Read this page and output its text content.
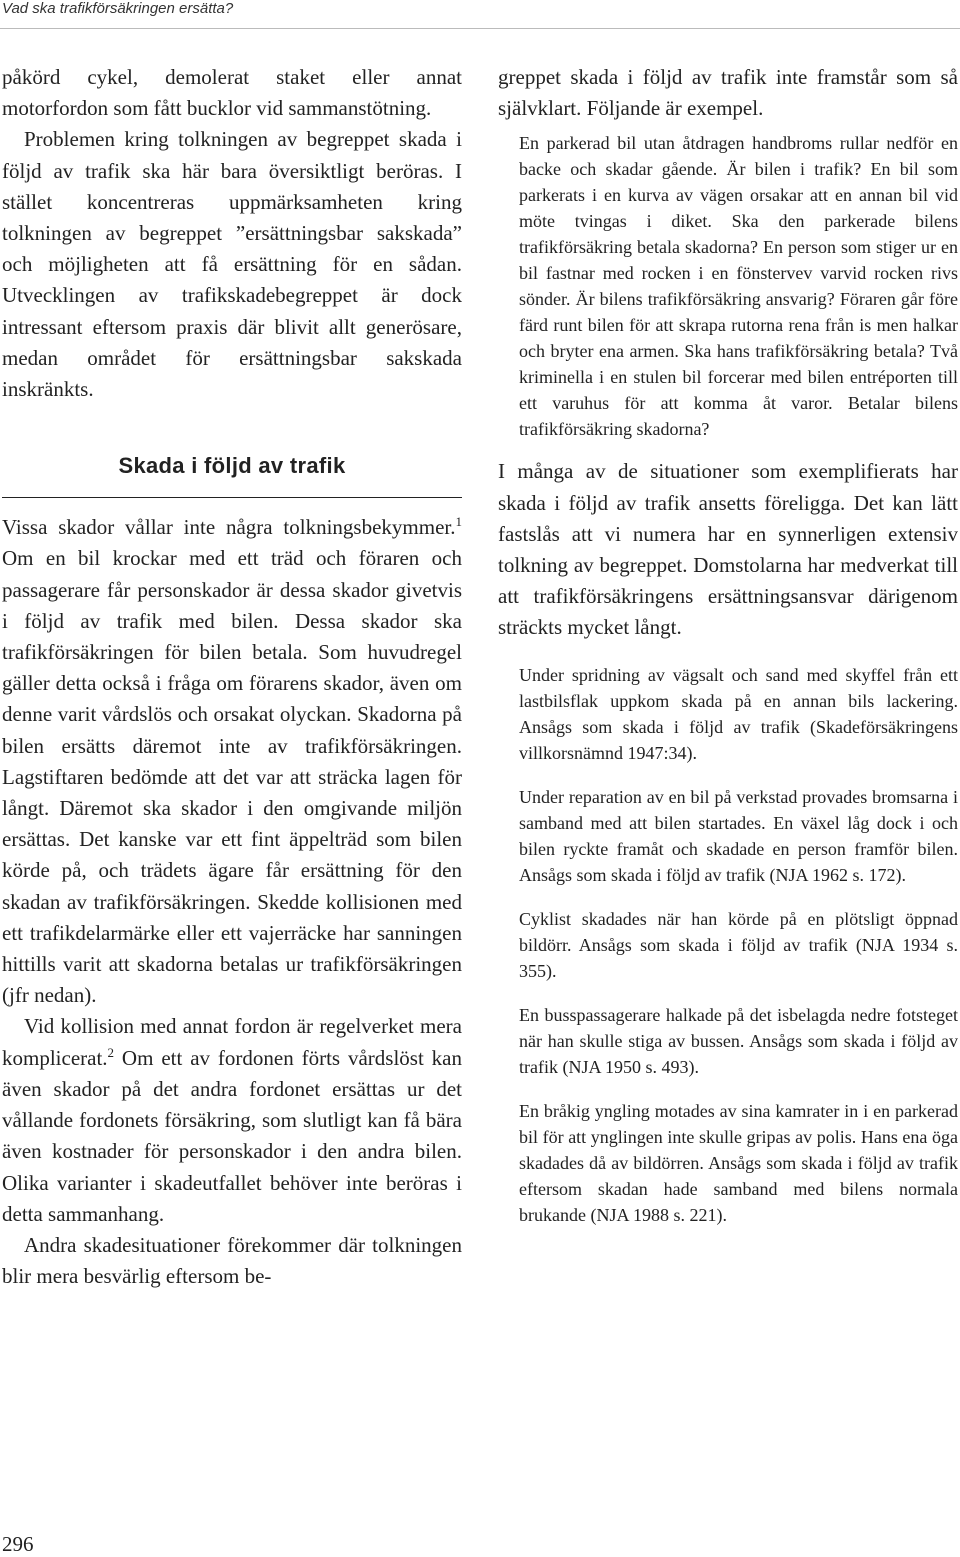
Vad ska trafikförsäkringen ersätta?

påkörd cykel, demolerat staket eller annat motorfordon som fått bucklor vid sammanstötning.

Problemen kring tolkningen av begreppet skada i följd av trafik ska här bara översiktligt beröras. I stället koncentreras uppmärksamheten kring tolkningen av begreppet ”ersättningsbar sakskada” och möjligheten att få ersättning för en sådan. Utvecklingen av trafikskadebegreppet är dock intressant eftersom praxis där blivit allt generösare, medan området för ersättningsbar sakskada inskränkts.

Skada i följd av trafik

Vissa skador vållar inte några tolkningsbekymmer.$^1$ Om en bil krockar med ett träd och föraren och passagerare får personskador är dessa skador givetvis i följd av trafik med bilen. Dessa skador ska trafikförsäkringen för bilen betala. Som huvudregel gäller detta också i fråga om förarens skador, även om denne varit vårdslös och orsakat olyckan. Skadorna på bilen ersätts däremot inte av trafikförsäkringen. Lagstiftaren bedömde att det var att sträcka lagen för långt. Däremot ska skador i den omgivande miljön ersättas. Det kanske var ett fint äppelträd som bilen körde på, och trädets ägare får ersättning för den skadan av trafikförsäkringen. Skedde kollisionen med ett trafikdelarmärke eller ett vajerräcke har sanningen hittills varit att skadorna betalas ur trafikförsäkringen (jfr nedan).

Vid kollision med annat fordon är regelverket mera komplicerat.$^2$ Om ett av fordonen förts vårdslöst kan även skador på det andra fordonet ersättas ur det vållande fordonets försäkring, som slutligt kan få bära även kostnader för personskador i den andra bilen. Olika varianter i skadeutfallet behöver inte beröras i detta sammanhang.

Andra skadesituationer förekommer där tolkningen blir mera besvärlig eftersom be-

greppet skada i följd av trafik inte framstår som så självklart. Följande är exempel.

En parkerad bil utan åtdragen handbroms rullar nedför en backe och skadar gående. Är bilen i trafik? En bil som parkerats i en kurva av vägen orsakar att en annan bil vid möte tvingas i diket. Ska den parkerade bilens trafikförsäkring betala skadorna? En person som stiger ur en bil fastnar med rocken i en fönstervev varvid rocken rivs sönder. Är bilens trafikförsäkring ansvarig? Föraren går före färd runt bilen för att skrapa rutorna rena från is men halkar och bryter ena armen. Ska hans trafikförsäkring betala? Två kriminella i en stulen bil forcerar med bilen entréporten till ett varuhus för att komma åt varor. Betalar bilens trafikförsäkring skadorna?

I många av de situationer som exemplifierats har skada i följd av trafik ansetts föreligga. Det kan lätt fastslås att vi numera har en synnerligen extensiv tolkning av begreppet. Domstolarna har medverkat till att trafikförsäkringens ersättningsansvar därigenom sträckts mycket långt.

Under spridning av vägsalt och sand med skyffel från ett lastbilsflak uppkom skada på en annan bils lackering. Ansågs som skada i följd av trafik (Skadeförsäkringens villkorsnämnd 1947:34).

Under reparation av en bil på verkstad provades bromsarna i samband med att bilen startades. En växel låg dock i och bilen ryckte framåt och skadade en person framför bilen. Ansågs som skada i följd av trafik (NJA 1962 s. 172).

Cyklist skadades när han körde på en plötsligt öppnad bildörr. Ansågs som skada i följd av trafik (NJA 1934 s. 355).

En busspassagerare halkade på det isbelagda nedre fotsteget när han skulle stiga av bussen. Ansågs som skada i följd av trafik (NJA 1950 s. 493).

En bråkig yngling motades av sina kamrater in i en parkerad bil för att ynglingen inte skulle gripas av polis. Hans ena öga skadades då av bildörren. Ansågs som skada i följd av trafik eftersom skadan hade samband med bilens normala brukande (NJA 1988 s. 221).

296
